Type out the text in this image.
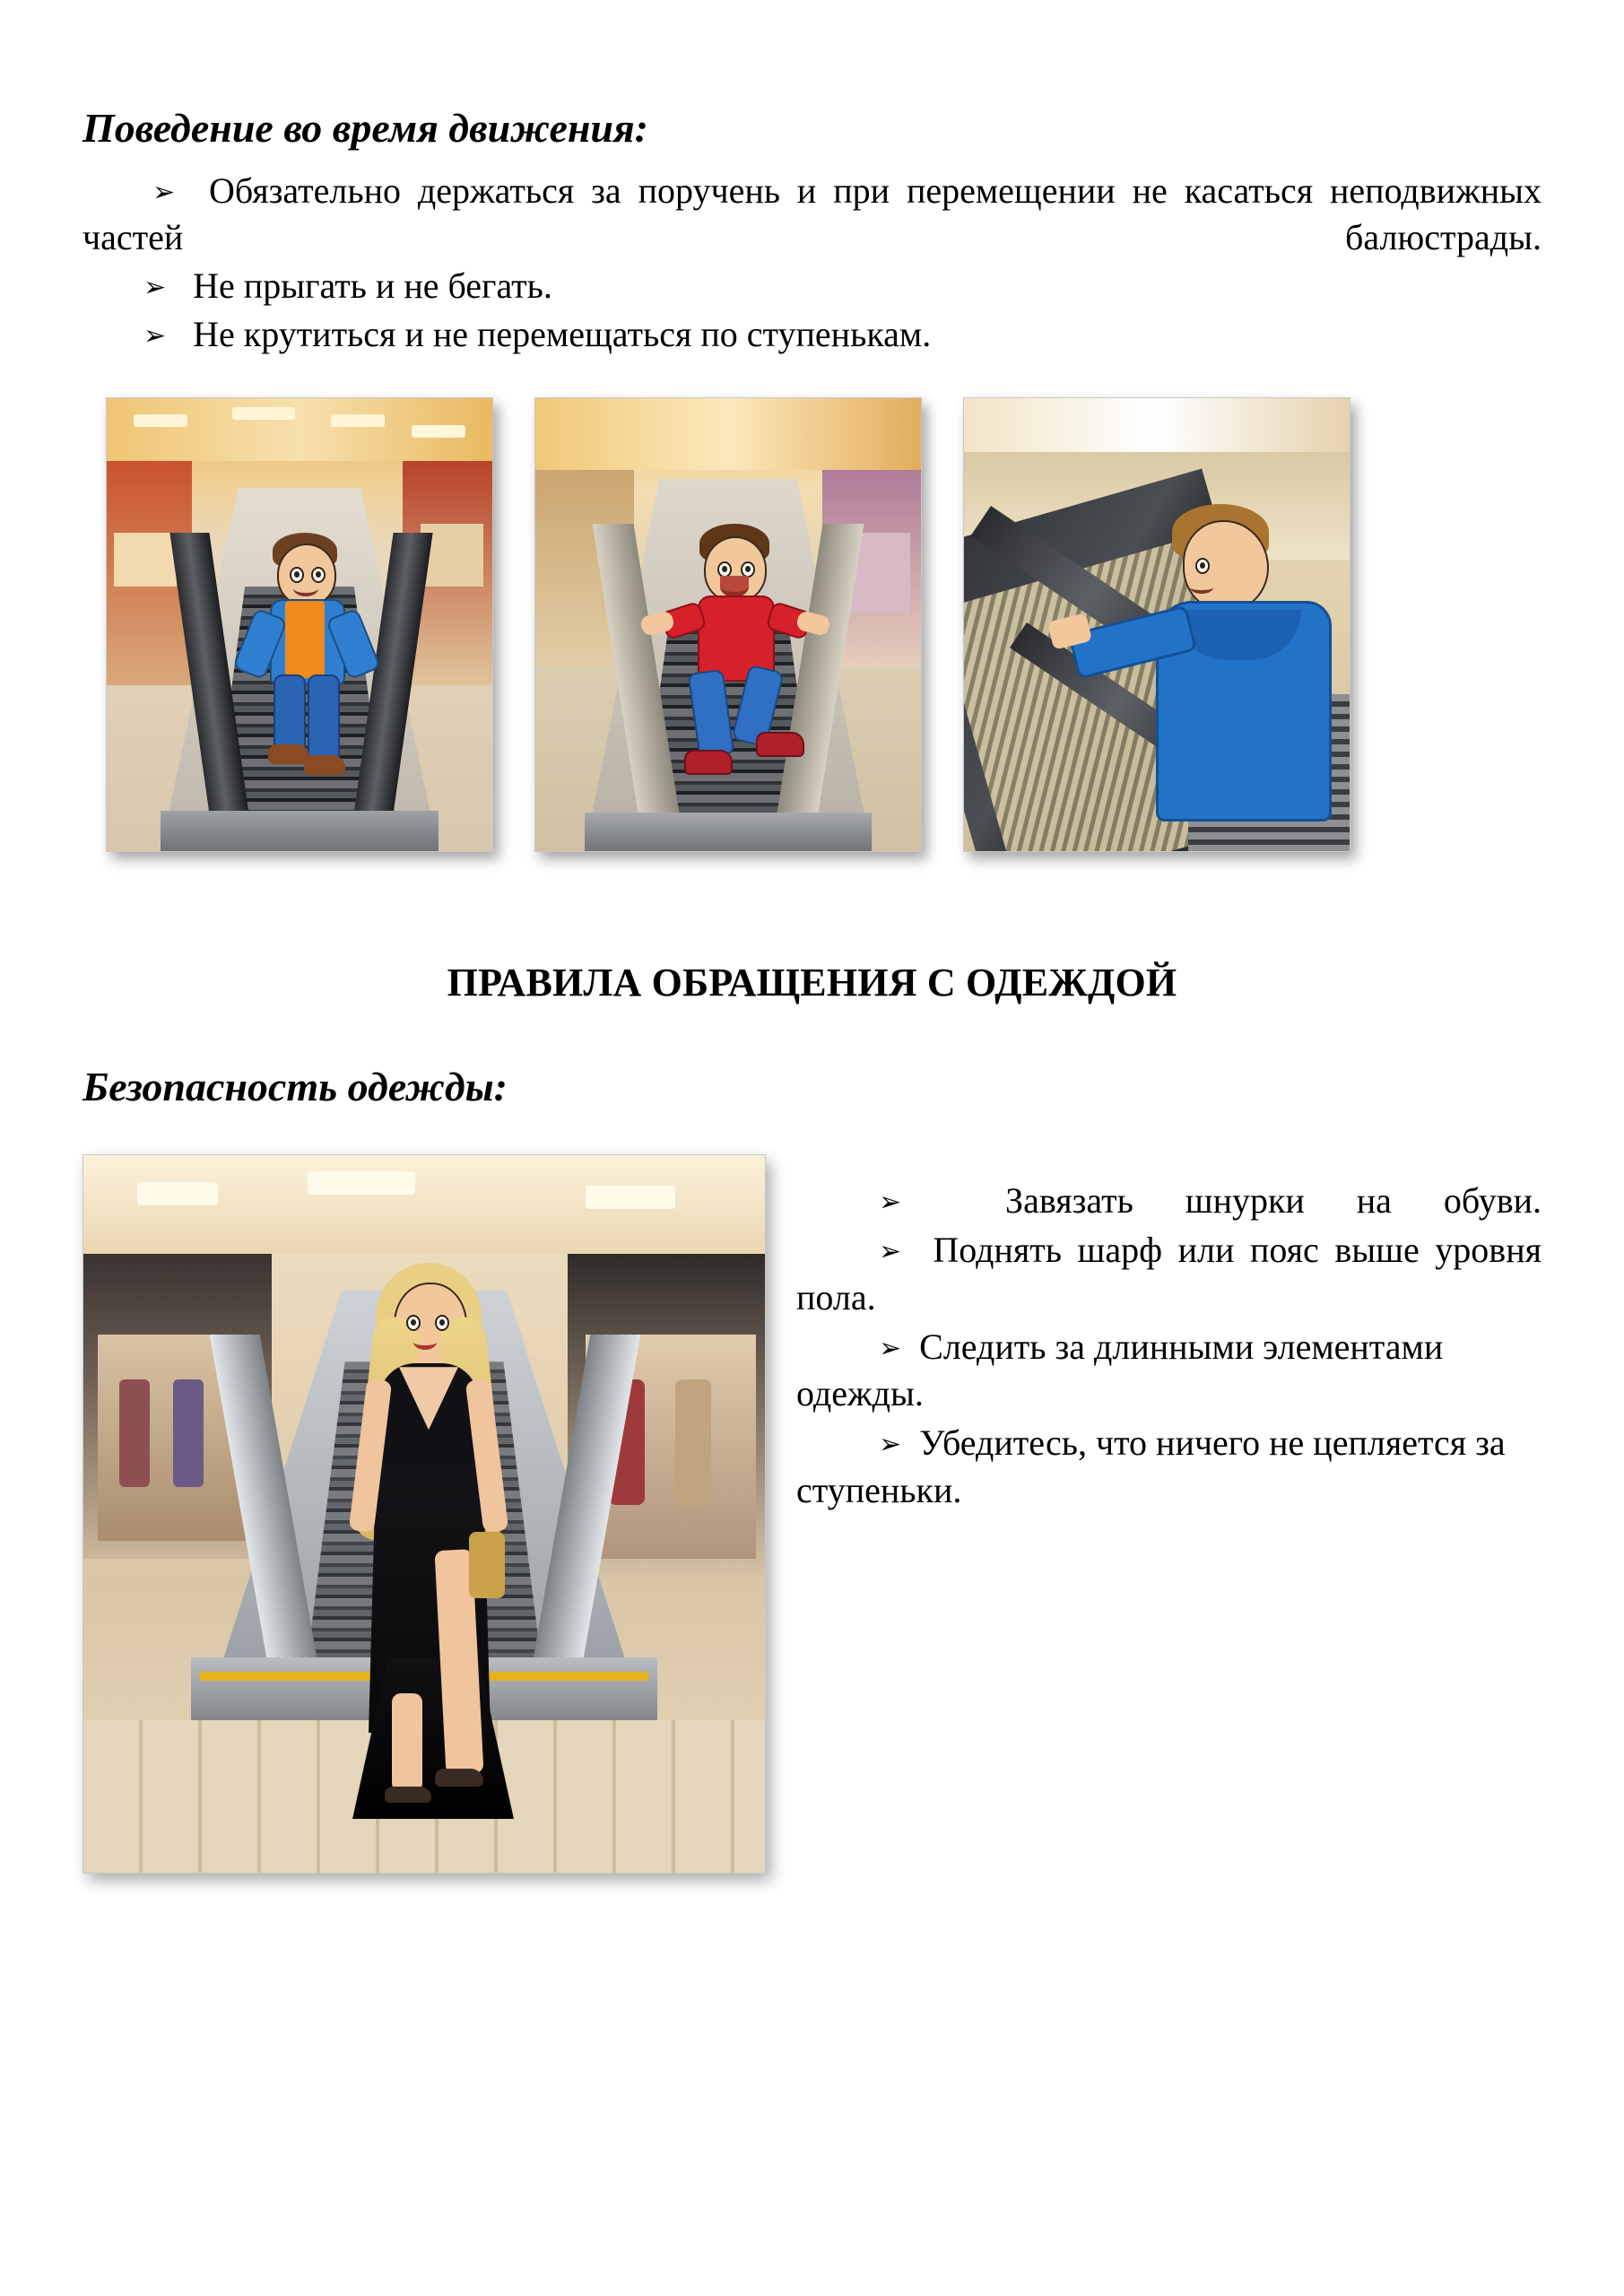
Поведение во время движения:
➢ Обязательно держаться за поручень и при перемещении не касаться неподвижных частей балюстрады.
➢ Не прыгать и не бегать.
➢ Не крутиться и не перемещаться по ступенькам.
ПРАВИЛА ОБРАЩЕНИЯ С ОДЕЖДОЙ
Безопасность одежды:
➢	Завязать шнурки на обуви.
➢ Поднять шарф или пояс выше уровня пола.
➢ Следить за длинными элементами одежды.
➢ Убедитесь, что ничего не цепляется за ступеньки.
